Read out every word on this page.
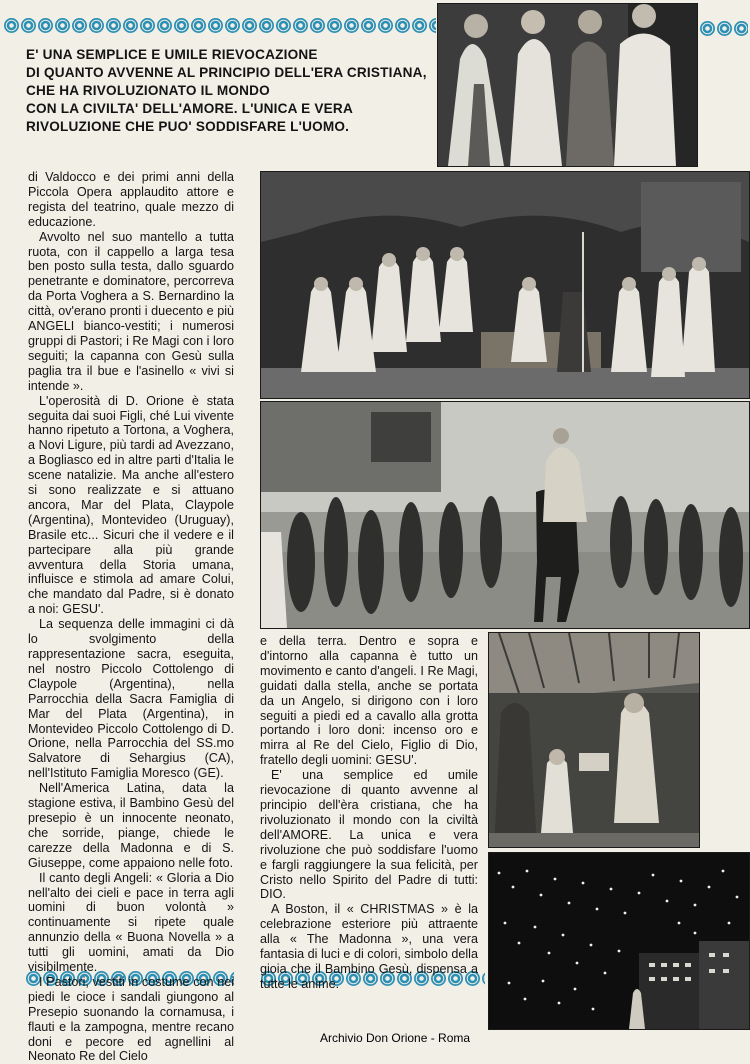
E' UNA SEMPLICE E UMILE RIEVOCAZIONE
DI QUANTO AVVENNE AL PRINCIPIO DELL'ERA CRISTIANA,
CHE HA RIVOLUZIONATO IL MONDO
CON LA CIVILTA' DELL'AMORE. L'UNICA E VERA
RIVOLUZIONE CHE PUO' SODDISFARE L'UOMO.

di Valdocco e dei primi anni della Piccola Opera applaudito attore e regista del teatrino, quale mezzo di educazione.

Avvolto nel suo mantello a tutta ruota, con il cappello a larga tesa ben posto sulla testa, dallo sguardo penetrante e dominatore, percorreva da Porta Voghera a S. Bernardino la città, ov'erano pronti i duecento e più ANGELI bianco-vestiti; i numerosi gruppi di Pastori; i Re Magi con i loro seguiti; la capanna con Gesù sulla paglia tra il bue e l'asinello « vivi si intende ».

L'operosità di D. Orione è stata seguita dai suoi Figli, ché Lui vivente hanno ripetuto a Tortona, a Voghera, a Novi Ligure, più tardi ad Avezzano, a Bogliasco ed in altre parti d'Italia le scene natalizie. Ma anche all'estero si sono realizzate e si attuano ancora, Mar del Plata, Claypole (Argentina), Montevideo (Uruguay), Brasile etc... Sicuri che il vedere e il partecipare alla più grande avventura della Storia umana, influisce e stimola ad amare Colui, che mandato dal Padre, si è donato a noi: GESU'.

La sequenza delle immagini ci dà lo svolgimento della rappresentazione sacra, eseguita, nel nostro Piccolo Cottolengo di Claypole (Argentina), nella Parrocchia della Sacra Famiglia di Mar del Plata (Argentina), in Montevideo Piccolo Cottolengo di D. Orione, nella Parrocchia del SS.mo Salvatore di Sehargius (CA), nell'Istituto Famiglia Moresco (GE).

Nell'America Latina, data la stagione estiva, il Bambino Gesù del presepio è un innocente neonato, che sorride, piange, chiede le carezze della Madonna e di S. Giuseppe, come appaiono nelle foto.

Il canto degli Angeli: « Gloria a Dio nell'alto dei cieli e pace in terra agli uomini di buon volontà » continuamente si ripete quale annunzio della « Buona Novella » a tutti gli uomini, amati da Dio visibilmente.

I Pastori, vestiti in costume con nei piedi le cioce i sandali giungono al Presepio suonando la cornamusa, i flauti e la zampogna, mentre recano doni e pecore ed agnellini al Neonato Re del Cielo

e della terra. Dentro e sopra e d'intorno alla capanna è tutto un movimento e canto d'angeli. I Re Magi, guidati dalla stella, anche se portata da un Angelo, si dirigono con i loro seguiti a piedi ed a cavallo alla grotta portando i loro doni: incenso oro e mirra al Re del Cielo, Figlio di Dio, fratello degli uomini: GESU'.

E' una semplice ed umile rievocazione di quanto avvenne al principio dell'èra cristiana, che ha rivoluzionato il mondo con la civiltà dell'AMORE. La unica e vera rivoluzione che può soddisfare l'uomo e fargli raggiungere la sua felicità, per Cristo nello Spirito del Padre di tutti: DIO.

A Boston, il « CHRISTMAS » è la celebrazione esteriore più attraente alla « The Madonna », una vera fantasia di luci e di colori, simbolo della gioia che il Bambino Gesù, dispensa a tutte le anime.

Archivio Don Orione - Roma
